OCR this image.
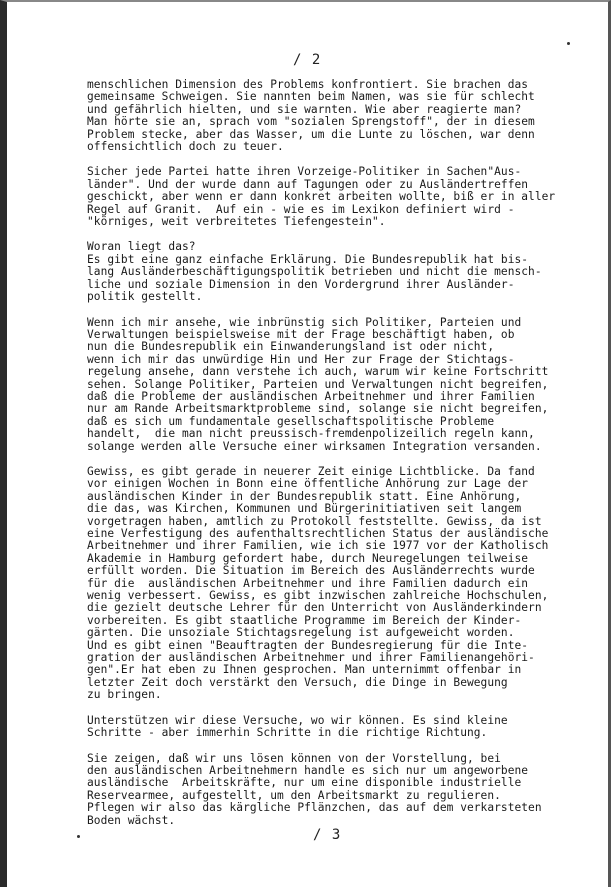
/ 2
menschlichen Dimension des Problems konfrontiert. Sie brachen das
gemeinsame Schweigen. Sie nannten beim Namen, was sie für schlecht
und gefährlich hielten, und sie warnten. Wie aber reagierte man?
Man hörte sie an, sprach vom "sozialen Sprengstoff", der in diesem
Problem stecke, aber das Wasser, um die Lunte zu löschen, war denn
offensichtlich doch zu teuer.
Sicher jede Partei hatte ihren Vorzeige-Politiker in Sachen"Aus-
länder". Und der wurde dann auf Tagungen oder zu Ausländertreffen
geschickt, aber wenn er dann konkret arbeiten wollte, biß er in aller
Regel auf Granit.  Auf ein - wie es im Lexikon definiert wird -
"körniges, weit verbreitetes Tiefengestein".
Woran liegt das?
Es gibt eine ganz einfache Erklärung. Die Bundesrepublik hat bis-
lang Ausländerbeschäftigungspolitik betrieben und nicht die mensch-
liche und soziale Dimension in den Vordergrund ihrer Ausländer-
politik gestellt.
Wenn ich mir ansehe, wie inbrünstig sich Politiker, Parteien und
Verwaltungen beispielsweise mit der Frage beschäftigt haben, ob
nun die Bundesrepublik ein Einwanderungsland ist oder nicht,
wenn ich mir das unwürdige Hin und Her zur Frage der Stichtags-
regelung ansehe, dann verstehe ich auch, warum wir keine Fortschritt
sehen. Solange Politiker, Parteien und Verwaltungen nicht begreifen,
daß die Probleme der ausländischen Arbeitnehmer und ihrer Familien
nur am Rande Arbeitsmarktprobleme sind, solange sie nicht begreifen,
daß es sich um fundamentale gesellschaftspolitische Probleme
handelt,  die man nicht preussisch-fremdenpolizeilich regeln kann,
solange werden alle Versuche einer wirksamen Integration versanden.
Gewiss, es gibt gerade in neuerer Zeit einige Lichtblicke. Da fand
vor einigen Wochen in Bonn eine öffentliche Anhörung zur Lage der
ausländischen Kinder in der Bundesrepublik statt. Eine Anhörung,
die das, was Kirchen, Kommunen und Bürgerinitiativen seit langem
vorgetragen haben, amtlich zu Protokoll feststellte. Gewiss, da ist
eine Verfestigung des aufenthaltsrechtlichen Status der ausländische
Arbeitnehmer und ihrer Familien, wie ich sie 1977 vor der Katholisch
Akademie in Hamburg gefordert habe, durch Neuregelungen teilweise
erfüllt worden. Die Situation im Bereich des Ausländerrechts wurde
für die  ausländischen Arbeitnehmer und ihre Familien dadurch ein
wenig verbessert. Gewiss, es gibt inzwischen zahlreiche Hochschulen,
die gezielt deutsche Lehrer für den Unterricht von Ausländerkindern
vorbereiten. Es gibt staatliche Programme im Bereich der Kinder-
gärten. Die unsoziale Stichtagsregelung ist aufgeweicht worden.
Und es gibt einen "Beauftragten der Bundesregierung für die Inte-
gration der ausländischen Arbeitnehmer und ihrer Familienangehöri-
gen".Er hat eben zu Ihnen gesprochen. Man unternimmt offenbar in
letzter Zeit doch verstärkt den Versuch, die Dinge in Bewegung
zu bringen.
Unterstützen wir diese Versuche, wo wir können. Es sind kleine
Schritte - aber immerhin Schritte in die richtige Richtung.
Sie zeigen, daß wir uns lösen können von der Vorstellung, bei
den ausländischen Arbeitnehmern handle es sich nur um angeworbene
ausländische  Arbeitskräfte, nur um eine disponible industrielle
Reservearmee, aufgestellt, um den Arbeitsmarkt zu regulieren.
Pflegen wir also das kärgliche Pflänzchen, das auf dem verkarsteten
Boden wächst.
/ 3
